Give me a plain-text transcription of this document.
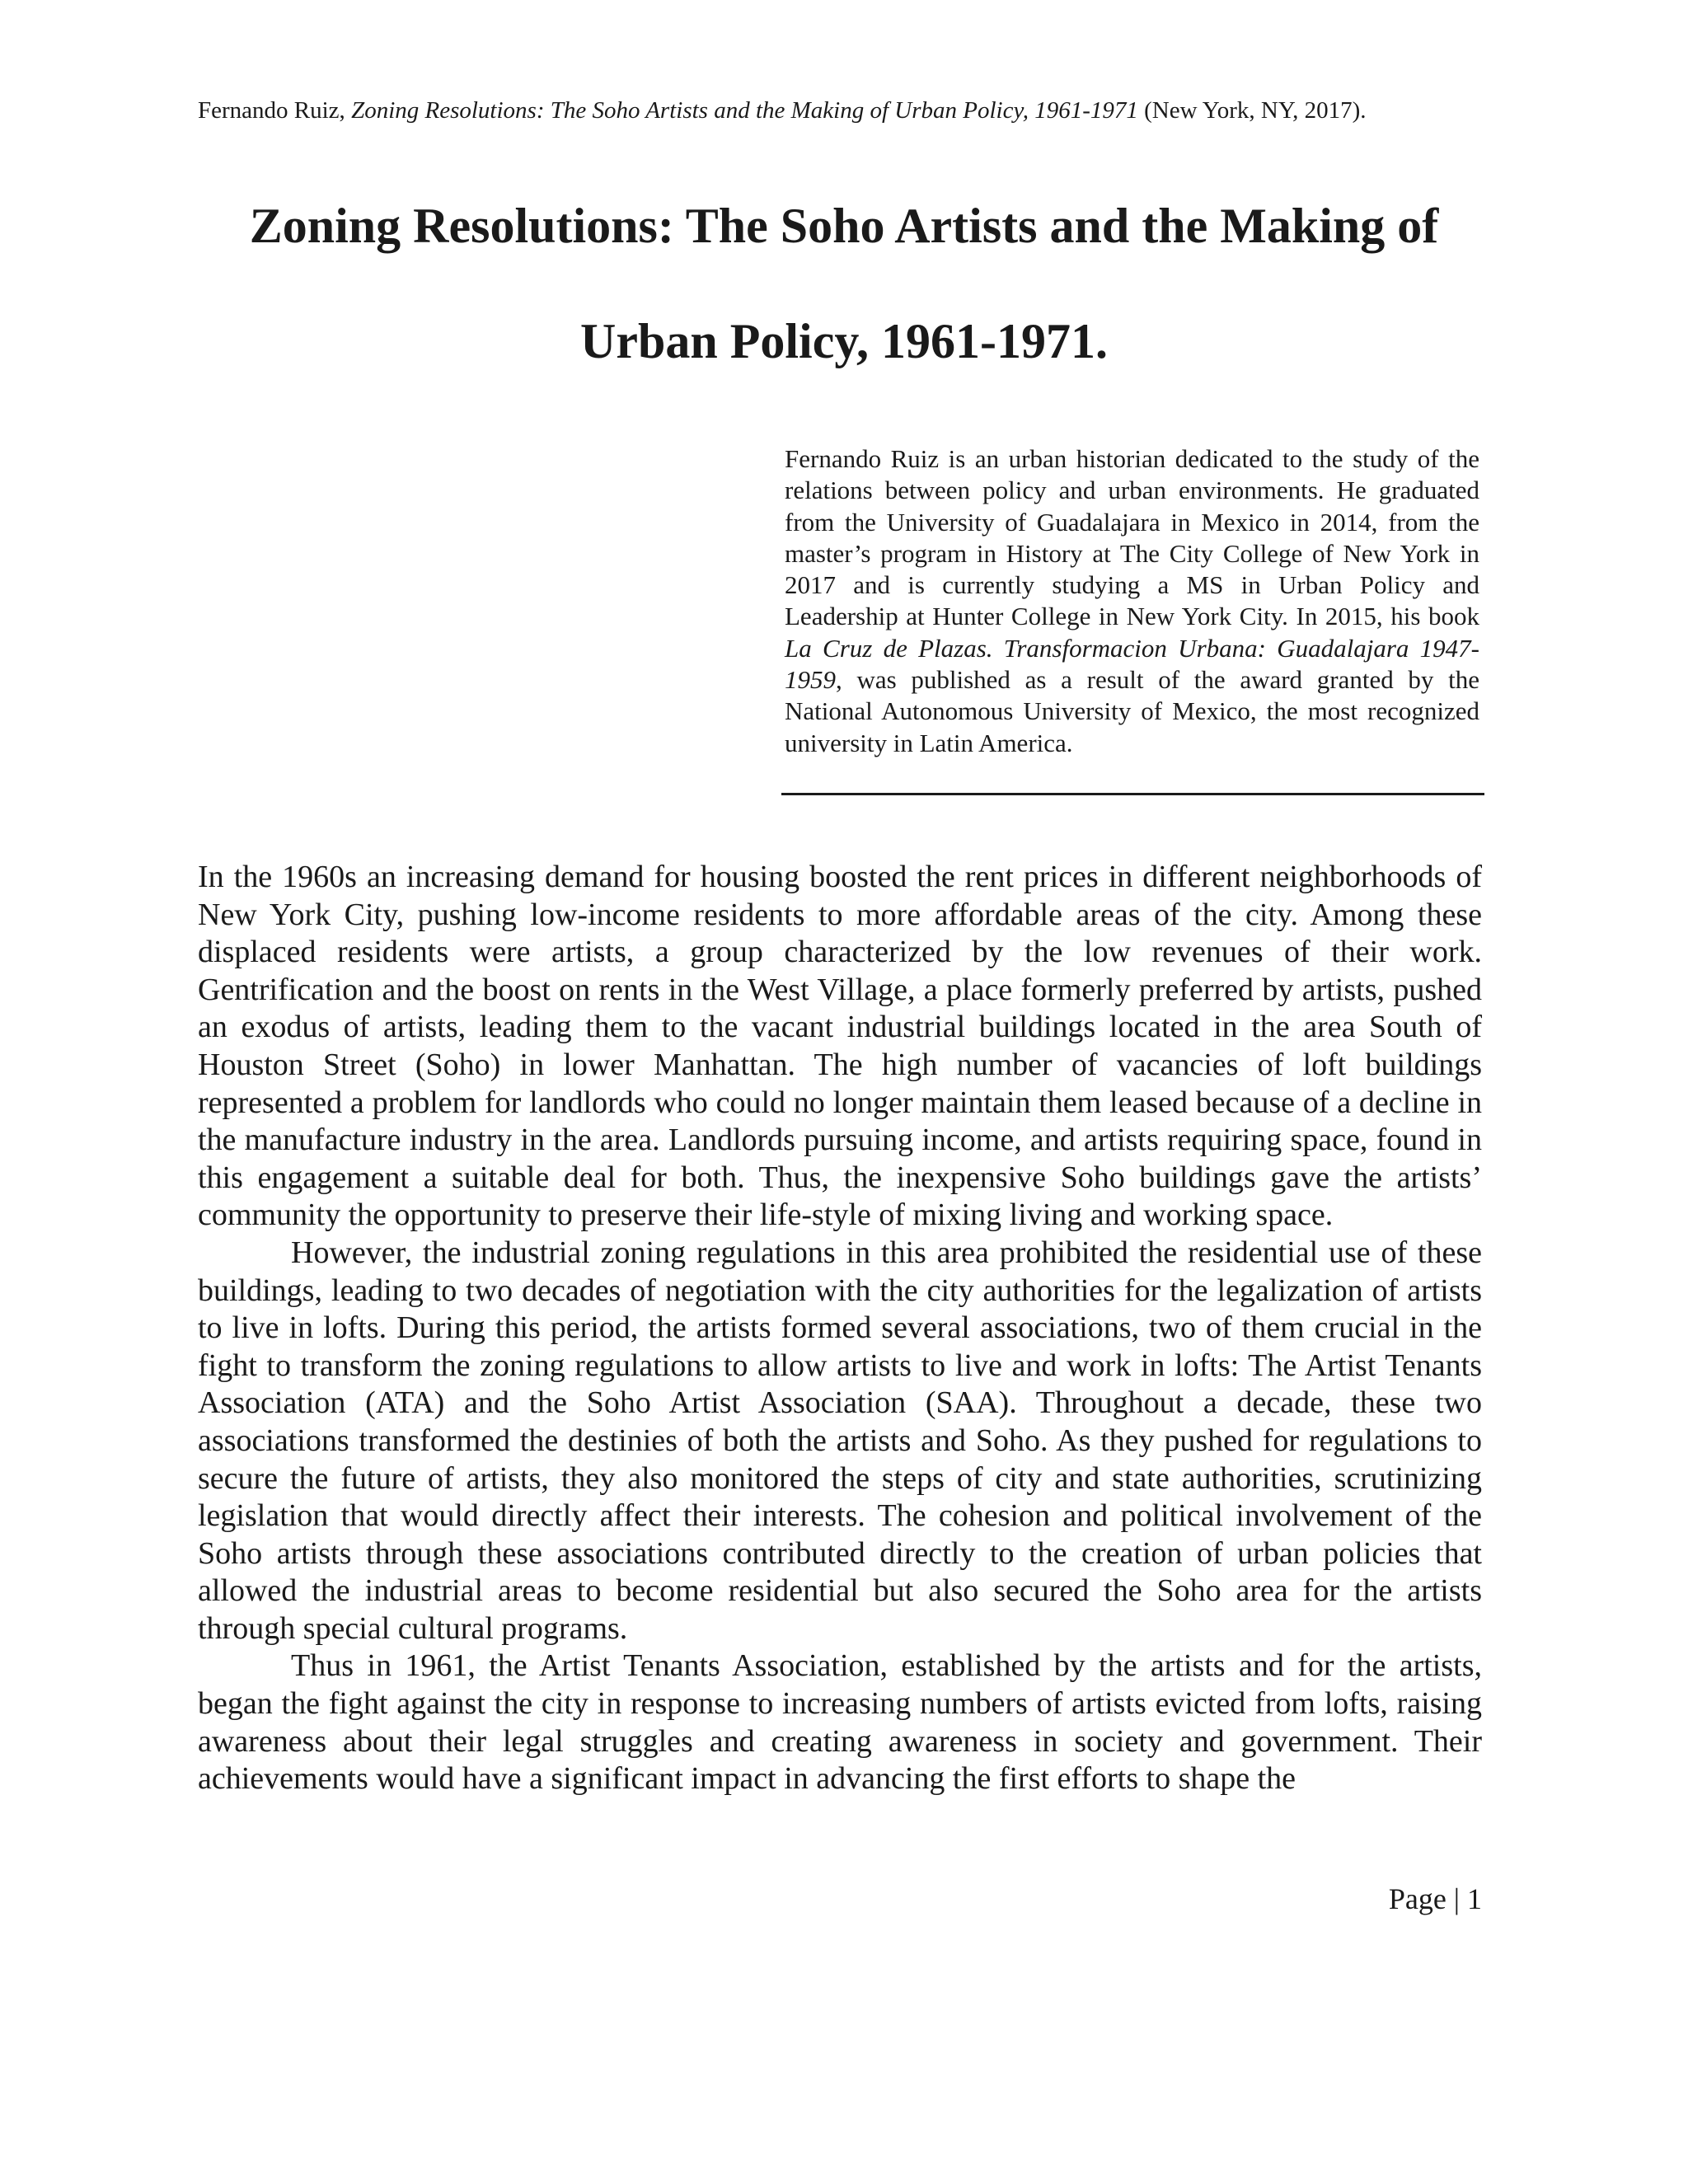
Fernando Ruiz, Zoning Resolutions: The Soho Artists and the Making of Urban Policy, 1961-1971 (New York, NY, 2017).
Zoning Resolutions: The Soho Artists and the Making of
Urban Policy, 1961-1971.
Fernando Ruiz is an urban historian dedicated to the study of the relations between policy and urban environments. He graduated from the University of Guadalajara in Mexico in 2014, from the master’s program in History at The City College of New York in 2017 and is currently studying a MS in Urban Policy and Leadership at Hunter College in New York City. In 2015, his book La Cruz de Plazas. Transformacion Urbana: Guadalajara 1947-1959, was published as a result of the award granted by the National Autonomous University of Mexico, the most recognized university in Latin America.

In the 1960s an increasing demand for housing boosted the rent prices in different neighborhoods of New York City, pushing low-income residents to more affordable areas of the city. Among these displaced residents were artists, a group characterized by the low revenues of their work. Gentrification and the boost on rents in the West Village, a place formerly preferred by artists, pushed an exodus of artists, leading them to the vacant industrial buildings located in the area South of Houston Street (Soho) in lower Manhattan. The high number of vacancies of loft buildings represented a problem for landlords who could no longer maintain them leased because of a decline in the manufacture industry in the area. Landlords pursuing income, and artists requiring space, found in this engagement a suitable deal for both. Thus, the inexpensive Soho buildings gave the artists’ community the opportunity to preserve their life-style of mixing living and working space.

However, the industrial zoning regulations in this area prohibited the residential use of these buildings, leading to two decades of negotiation with the city authorities for the legalization of artists to live in lofts. During this period, the artists formed several associations, two of them crucial in the fight to transform the zoning regulations to allow artists to live and work in lofts: The Artist Tenants Association (ATA) and the Soho Artist Association (SAA). Throughout a decade, these two associations transformed the destinies of both the artists and Soho. As they pushed for regulations to secure the future of artists, they also monitored the steps of city and state authorities, scrutinizing legislation that would directly affect their interests. The cohesion and political involvement of the Soho artists through these associations contributed directly to the creation of urban policies that allowed the industrial areas to become residential but also secured the Soho area for the artists through special cultural programs.

Thus in 1961, the Artist Tenants Association, established by the artists and for the artists, began the fight against the city in response to increasing numbers of artists evicted from lofts, raising awareness about their legal struggles and creating awareness in society and government. Their achievements would have a significant impact in advancing the first efforts to shape the

Page | 1
